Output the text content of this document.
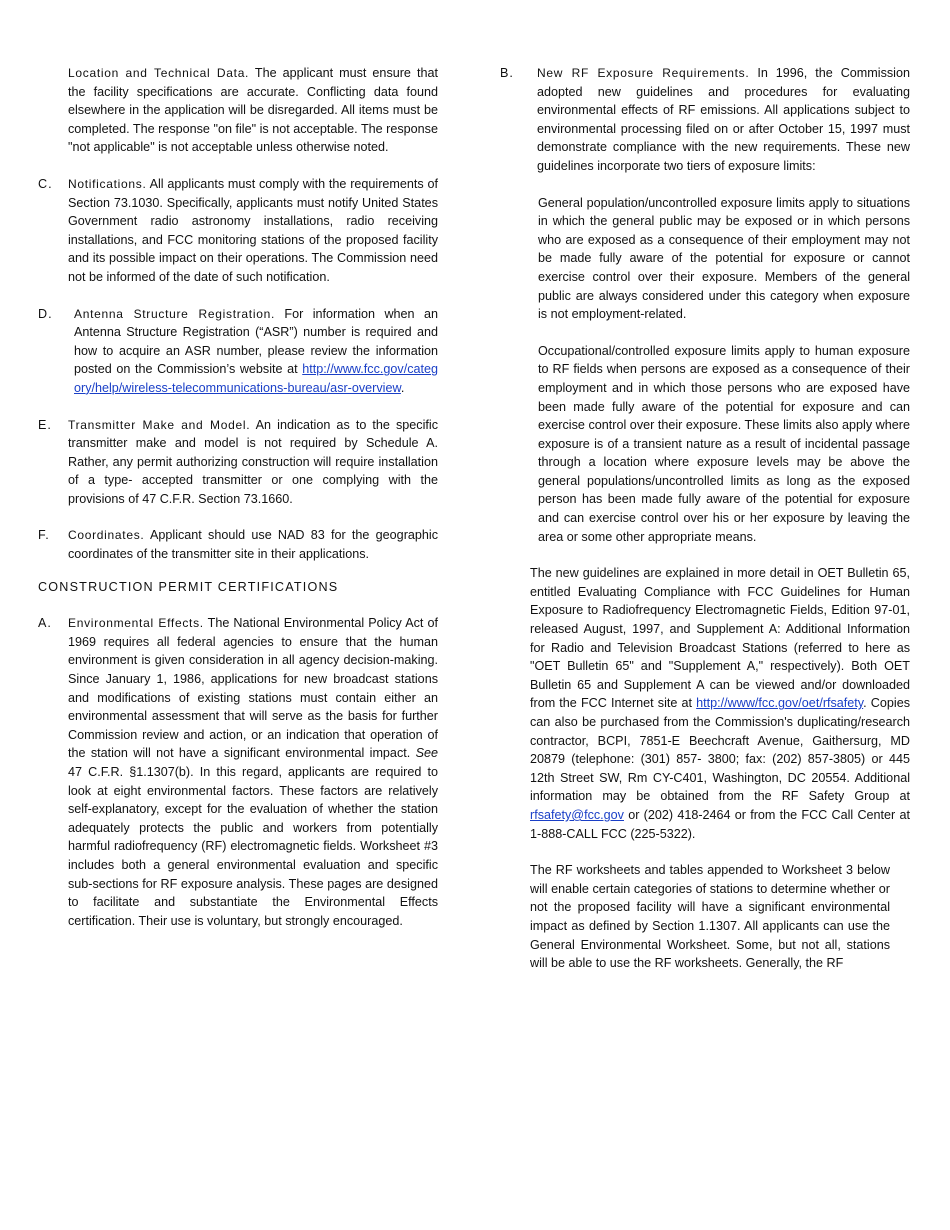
Location and Technical Data. The applicant must ensure that the facility specifications are accurate. Conflicting data found elsewhere in the application will be disregarded. All items must be completed. The response "on file" is not acceptable. The response "not applicable" is not acceptable unless otherwise noted.

C. Notifications. All applicants must comply with the requirements of Section 73.1030. Specifically, applicants must notify United States Government radio astronomy installations, radio receiving installations, and FCC monitoring stations of the proposed facility and its possible impact on their operations. The Commission need not be informed of the date of such notification.
D. Antenna Structure Registration. For information when an Antenna Structure Registration (“ASR”) number is required and how to acquire an ASR number, please review the information posted on the Commission’s website at http://www.fcc.gov/category/help/wireless-telecommunications-bureau/asr-overview.
E. Transmitter Make and Model. An indication as to the specific transmitter make and model is not required by Schedule A. Rather, any permit authorizing construction will require installation of a type- accepted transmitter or one complying with the provisions of 47 C.F.R. Section 73.1660.
F. Coordinates. Applicant should use NAD 83 for the geographic coordinates of the transmitter site in their applications.
CONSTRUCTION PERMIT CERTIFICATIONS
A. Environmental Effects. The National Environmental Policy Act of 1969 requires all federal agencies to ensure that the human environment is given consideration in all agency decision-making. Since January 1, 1986, applications for new broadcast stations and modifications of existing stations must contain either an environmental assessment that will serve as the basis for further Commission review and action, or an indication that operation of the station will not have a significant environmental impact. See 47 C.F.R. §1.1307(b). In this regard, applicants are required to look at eight environmental factors. These factors are relatively self-explanatory, except for the evaluation of whether the station adequately protects the public and workers from potentially harmful radiofrequency (RF) electromagnetic fields. Worksheet #3 includes both a general environmental evaluation and specific sub-sections for RF exposure analysis. These pages are designed to facilitate and substantiate the Environmental Effects certification. Their use is voluntary, but strongly encouraged.
B. New RF Exposure Requirements. In 1996, the Commission adopted new guidelines and procedures for evaluating environmental effects of RF emissions. All applications subject to environmental processing filed on or after October 15, 1997 must demonstrate compliance with the new requirements. These new guidelines incorporate two tiers of exposure limits:

General population/uncontrolled exposure limits apply to situations in which the general public may be exposed or in which persons who are exposed as a consequence of their employment may not be made fully aware of the potential for exposure or cannot exercise control over their exposure. Members of the general public are always considered under this category when exposure is not employment-related.

Occupational/controlled exposure limits apply to human exposure to RF fields when persons are exposed as a consequence of their employment and in which those persons who are exposed have been made fully aware of the potential for exposure and can exercise control over their exposure. These limits also apply where exposure is of a transient nature as a result of incidental passage through a location where exposure levels may be above the general populations/uncontrolled limits as long as the exposed person has been made fully aware of the potential for exposure and can exercise control over his or her exposure by leaving the area or some other appropriate means.

The new guidelines are explained in more detail in OET Bulletin 65, entitled Evaluating Compliance with FCC Guidelines for Human Exposure to Radiofrequency Electromagnetic Fields, Edition 97-01, released August, 1997, and Supplement A: Additional Information for Radio and Television Broadcast Stations (referred to here as "OET Bulletin 65" and "Supplement A," respectively). Both OET Bulletin 65 and Supplement A can be viewed and/or downloaded from the FCC Internet site at http://www/fcc.gov/oet/rfsafety. Copies can also be purchased from the Commission's duplicating/research contractor, BCPI, 7851-E Beechcraft Avenue, Gaithersurg, MD 20879 (telephone: (301) 857- 3800; fax: (202) 857-3805) or 445 12th Street SW, Rm CY-C401, Washington, DC 20554. Additional information may be obtained from the RF Safety Group at rfsafety@fcc.gov or (202) 418-2464 or from the FCC Call Center at 1-888-CALL FCC (225-5322).

The RF worksheets and tables appended to Worksheet 3 below will enable certain categories of stations to determine whether or not the proposed facility will have a significant environmental impact as defined by Section 1.1307. All applicants can use the General Environmental Worksheet. Some, but not all, stations will be able to use the RF worksheets. Generally, the RF
